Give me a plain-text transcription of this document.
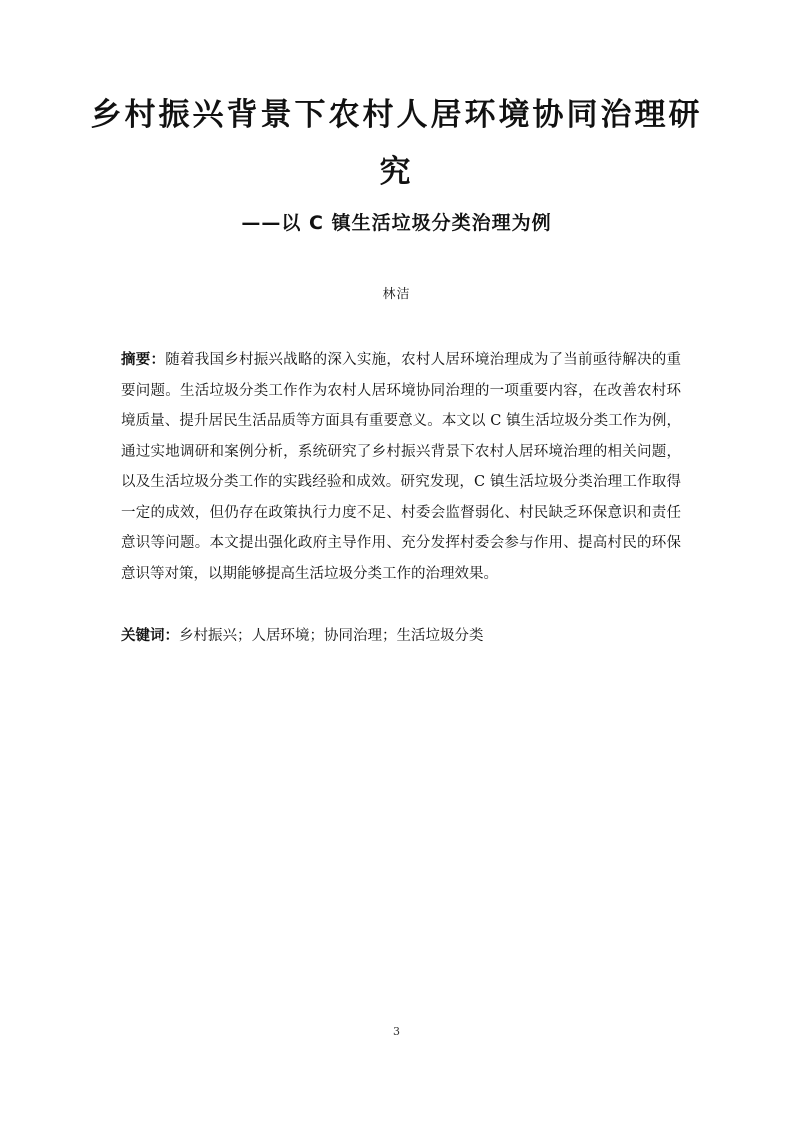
乡村振兴背景下农村人居环境协同治理研
究
——以 C 镇生活垃圾分类治理为例
林洁

摘要：随着我国乡村振兴战略的深入实施，农村人居环境治理成为了当前亟待解决的重要问题。生活垃圾分类工作作为农村人居环境协同治理的一项重要内容，在改善农村环境质量、提升居民生活品质等方面具有重要意义。本文以 C 镇生活垃圾分类工作为例，通过实地调研和案例分析，系统研究了乡村振兴背景下农村人居环境治理的相关问题，以及生活垃圾分类工作的实践经验和成效。研究发现，C 镇生活垃圾分类治理工作取得一定的成效，但仍存在政策执行力度不足、村委会监督弱化、村民缺乏环保意识和责任意识等问题。本文提出强化政府主导作用、充分发挥村委会参与作用、提高村民的环保意识等对策，以期能够提高生活垃圾分类工作的治理效果。

关键词：乡村振兴；人居环境；协同治理；生活垃圾分类
3
